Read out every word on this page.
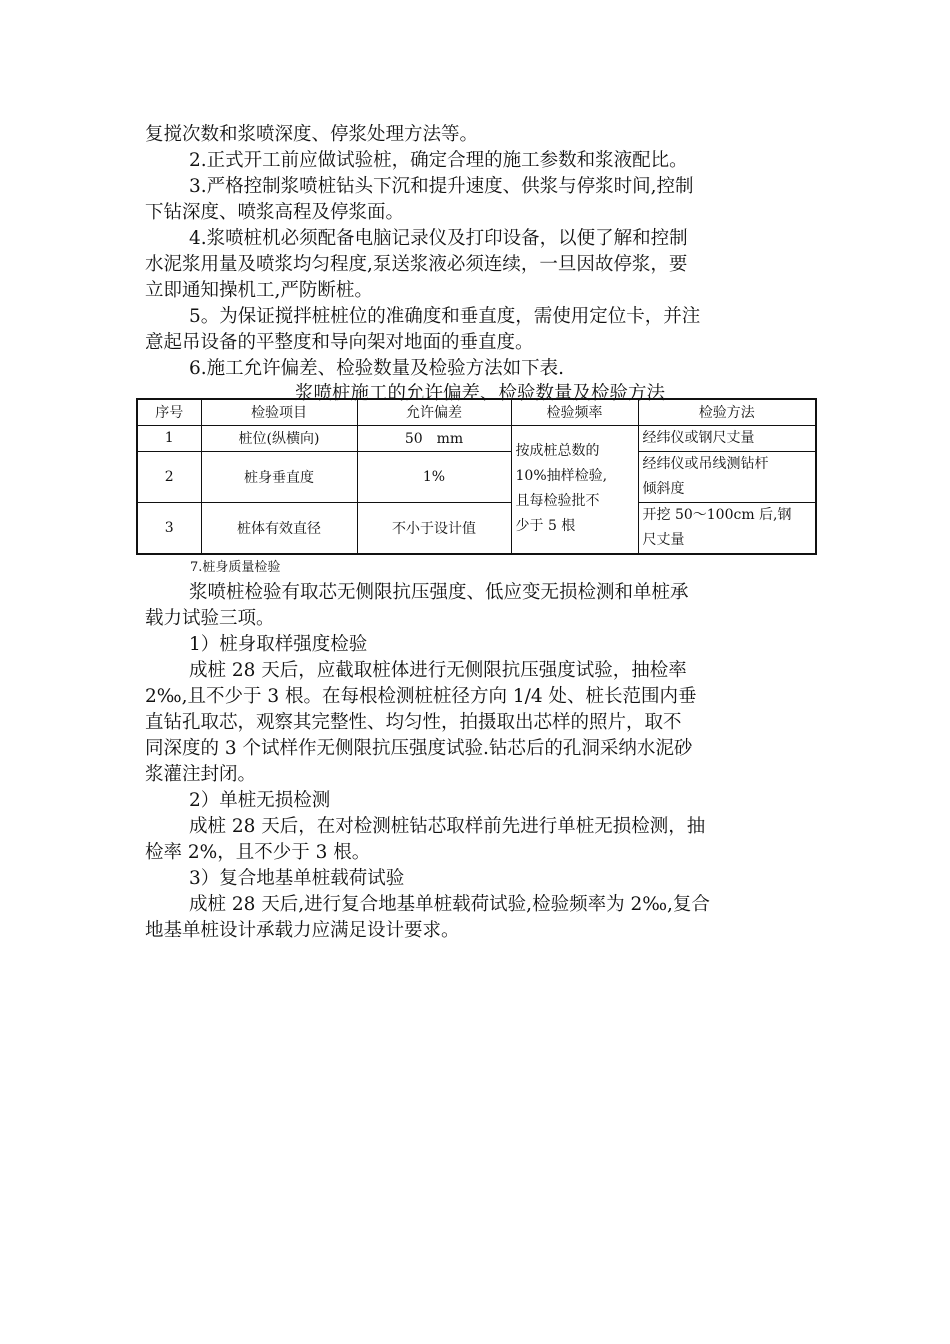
复搅次数和浆喷深度、停浆处理方法等。
2.正式开工前应做试验桩，确定合理的施工参数和浆液配比。
3.严格控制浆喷桩钻头下沉和提升速度、供浆与停浆时间,控制
下钻深度、喷浆高程及停浆面。
4.浆喷桩机必须配备电脑记录仪及打印设备，以便了解和控制
水泥浆用量及喷浆均匀程度,泵送浆液必须连续，一旦因故停浆，要
立即通知操机工,严防断桩。
5。为保证搅拌桩桩位的准确度和垂直度，需使用定位卡，并注
意起吊设备的平整度和导向架对地面的垂直度。
6.施工允许偏差、检验数量及检验方法如下表.
浆喷桩施工的允许偏差、检验数量及检验方法
序号	检验项目	允许偏差	检验频率	检验方法
1	桩位(纵横向)	50　mm	按成桩总数的
10%抽样检验,
且每检验批不
少于 5 根	经纬仪或钢尺丈量
2	桩身垂直度	1%		经纬仪或吊线测钻杆
倾斜度

3	桩体有效直径	不小于设计值		开挖 50～100cm 后,钢
尺丈量
7.桩身质量检验
浆喷桩检验有取芯无侧限抗压强度、低应变无损检测和单桩承
载力试验三项。
1）桩身取样强度检验
成桩 28 天后，应截取桩体进行无侧限抗压强度试验，抽检率
2‰,且不少于 3 根。在每根检测桩桩径方向 1/4 处、桩长范围内垂
直钻孔取芯，观察其完整性、均匀性，拍摄取出芯样的照片，取不
同深度的 3 个试样作无侧限抗压强度试验.钻芯后的孔洞采纳水泥砂
浆灌注封闭。
2）单桩无损检测
成桩 28 天后，在对检测桩钻芯取样前先进行单桩无损检测，抽
检率 2%，且不少于 3 根。
3）复合地基单桩载荷试验
成桩 28 天后,进行复合地基单桩载荷试验,检验频率为 2‰,复合
地基单桩设计承载力应满足设计要求。
